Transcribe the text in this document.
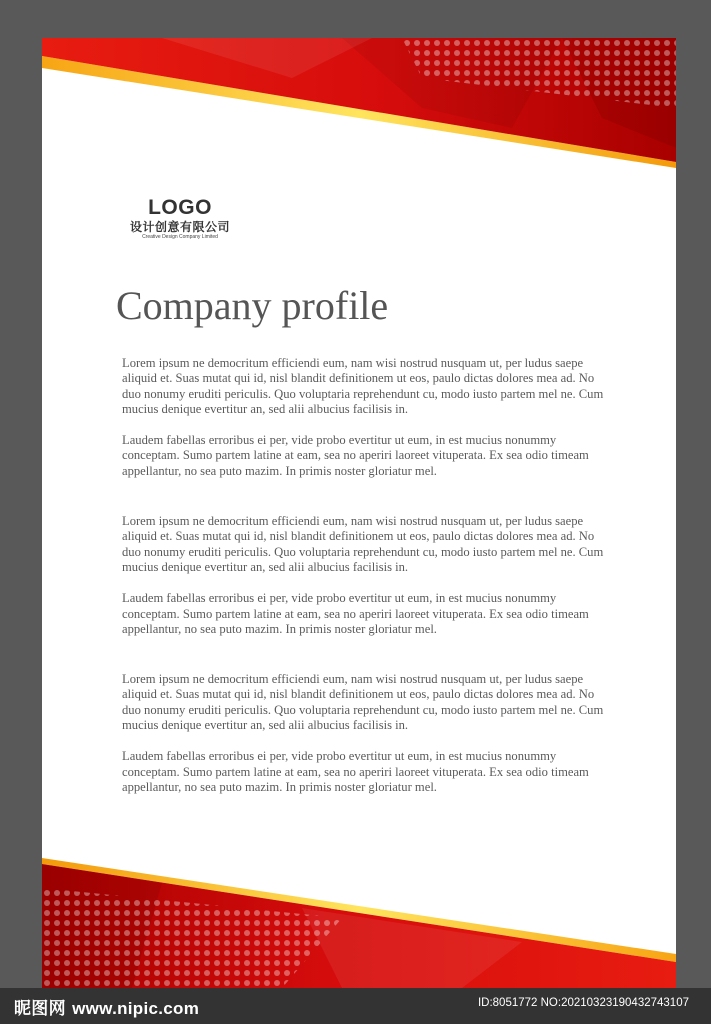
LOGO
设计创意有限公司
Creative Design Company Limited
Company profile

Lorem ipsum ne democritum efficiendi eum, nam wisi nostrud nusquam ut, per ludus saepe aliquid et. Suas mutat qui id, nisl blandit definitionem ut eos, paulo dictas dolores mea ad. No duo nonumy eruditi periculis. Quo voluptaria reprehendunt cu, modo iusto partem mel ne. Cum mucius denique evertitur an, sed alii albucius facilisis in.

Laudem fabellas erroribus ei per, vide probo evertitur ut eum, in est mucius nonummy conceptam. Sumo partem latine at eam, sea no aperiri laoreet vituperata. Ex sea odio timeam appellantur, no sea puto mazim. In primis noster gloriatur mel.

Lorem ipsum ne democritum efficiendi eum, nam wisi nostrud nusquam ut, per ludus saepe aliquid et. Suas mutat qui id, nisl blandit definitionem ut eos, paulo dictas dolores mea ad. No duo nonumy eruditi periculis. Quo voluptaria reprehendunt cu, modo iusto partem mel ne. Cum mucius denique evertitur an, sed alii albucius facilisis in.

Laudem fabellas erroribus ei per, vide probo evertitur ut eum, in est mucius nonummy conceptam. Sumo partem latine at eam, sea no aperiri laoreet vituperata. Ex sea odio timeam appellantur, no sea puto mazim. In primis noster gloriatur mel.

Lorem ipsum ne democritum efficiendi eum, nam wisi nostrud nusquam ut, per ludus saepe aliquid et. Suas mutat qui id, nisl blandit definitionem ut eos, paulo dictas dolores mea ad. No duo nonumy eruditi periculis. Quo voluptaria reprehendunt cu, modo iusto partem mel ne. Cum mucius denique evertitur an, sed alii albucius facilisis in.

Laudem fabellas erroribus ei per, vide probo evertitur ut eum, in est mucius nonummy conceptam. Sumo partem latine at eam, sea no aperiri laoreet vituperata. Ex sea odio timeam appellantur, no sea puto mazim. In primis noster gloriatur mel.

昵图网 www.nipic.com	ID:8051772 NO:20210323190432743107
